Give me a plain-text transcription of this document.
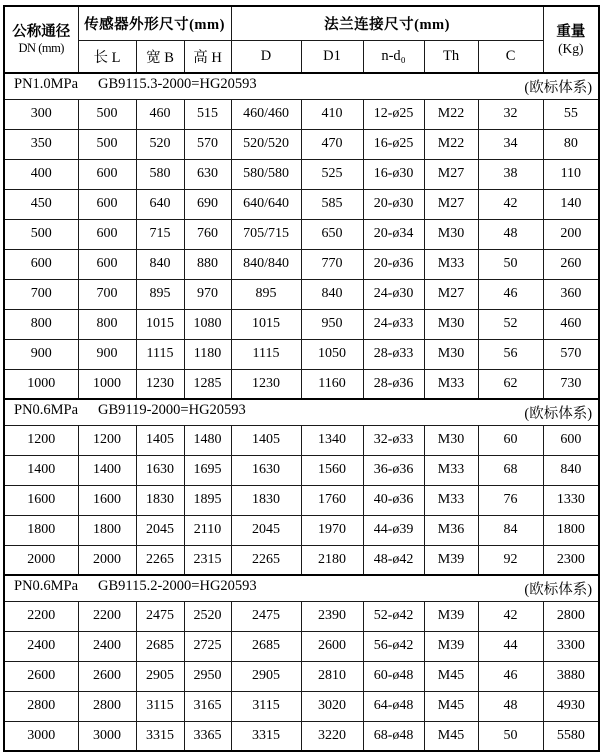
公称通径
DN (mm)
	传感器外形尺寸(mm)	法兰连接尺寸(mm)	重量
(Kg)

	长 L	宽 B	高 H	D	D1	n-d₀	Th	C	
PN1.0MPa GB9115.3-2000=HG20593 (欧标体系)									

300	500	460	515	460/460	410	12-ø25	M22	32	55
350	500	520	570	520/520	470	16-ø25	M22	34	80
400	600	580	630	580/580	525	16-ø30	M27	38	110
450	600	640	690	640/640	585	20-ø30	M27	42	140
500	600	715	760	705/715	650	20-ø34	M30	48	200
600	600	840	880	840/840	770	20-ø36	M33	50	260
700	700	895	970	895	840	24-ø30	M27	46	360
800	800	1015	1080	1015	950	24-ø33	M30	52	460
900	900	1115	1180	1115	1050	28-ø33	M30	56	570
1000	1000	1230	1285	1230	1160	28-ø36	M33	62	730
PN0.6MPa GB9119-2000=HG20593 (欧标体系)									

1200	1200	1405	1480	1405	1340	32-ø33	M30	60	600
1400	1400	1630	1695	1630	1560	36-ø36	M33	68	840
1600	1600	1830	1895	1830	1760	40-ø36	M33	76	1330
1800	1800	2045	2110	2045	1970	44-ø39	M36	84	1800
2000	2000	2265	2315	2265	2180	48-ø42	M39	92	2300
PN0.6MPa GB9115.2-2000=HG20593 (欧标体系)									

2200	2200	2475	2520	2475	2390	52-ø42	M39	42	2800
2400	2400	2685	2725	2685	2600	56-ø42	M39	44	3300
2600	2600	2905	2950	2905	2810	60-ø48	M45	46	3880
2800	2800	3115	3165	3115	3020	64-ø48	M45	48	4930
3000	3000	3315	3365	3315	3220	68-ø48	M45	50	5580
